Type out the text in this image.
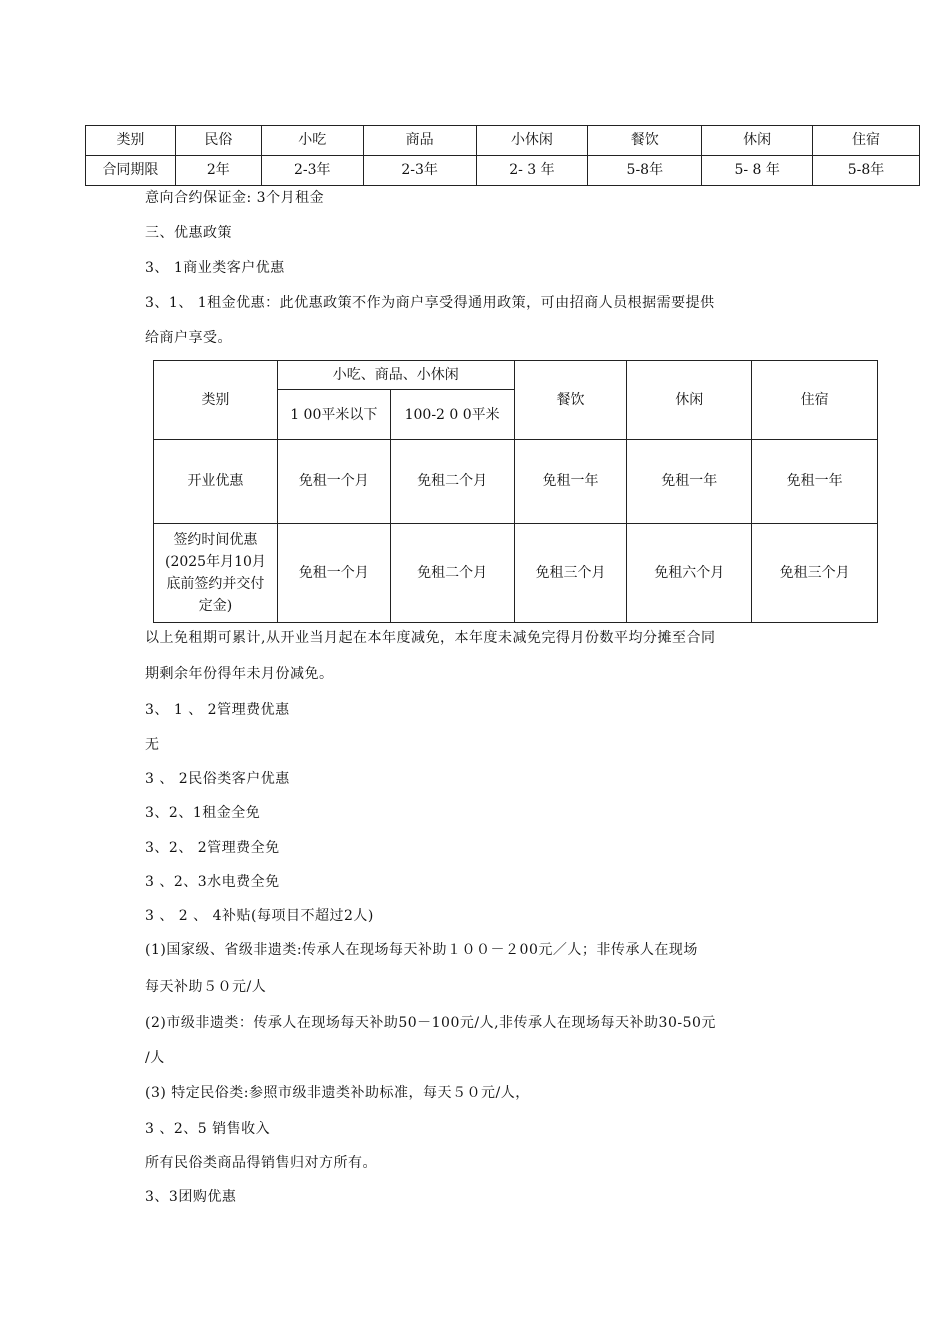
类别	民俗	小吃	商品	小休闲	餐饮	休闲	住宿
合同期限	2年	2-3年	2-3年	2- 3 年	5-8年	5- 8 年	5-8年
意向合约保证金: 3个月租金
三、优惠政策
3、 1商业类客户优惠
3、1、 1租金优惠：此优惠政策不作为商户享受得通用政策，可由招商人员根据需要提供
给商户享受。
类别	小吃、商品、小休闲		餐饮	休闲	住宿
	1 00平米以下	100-2 0 0平米			
开业优惠	免租一个月	免租二个月	免租一年	免租一年	免租一年
签约时间优惠(2025年月10月底前签约并交付定金)	免租一个月	免租二个月	免租三个月	免租六个月	免租三个月
以上免租期可累计,从开业当月起在本年度减免，本年度未减免完得月份数平均分摊至合同
期剩余年份得年未月份减免。
3、 1 、 2管理费优惠
无
3 、 2民俗类客户优惠
3、2、1租金全免
3、2、 2管理费全免
3 、2、3水电费全免
3 、 2 、 4补贴(每项目不超过2人)
(1)国家级、省级非遗类:传承人在现场每天补助１００－２00元／人；非传承人在现场
每天补助５０元/人
(2)市级非遗类：传承人在现场每天补助50－100元/人,非传承人在现场每天补助30-50元
/人
(3) 特定民俗类:参照市级非遗类补助标准，每天５０元/人，
3 、2、5 销售收入
所有民俗类商品得销售归对方所有。
3、3团购优惠
